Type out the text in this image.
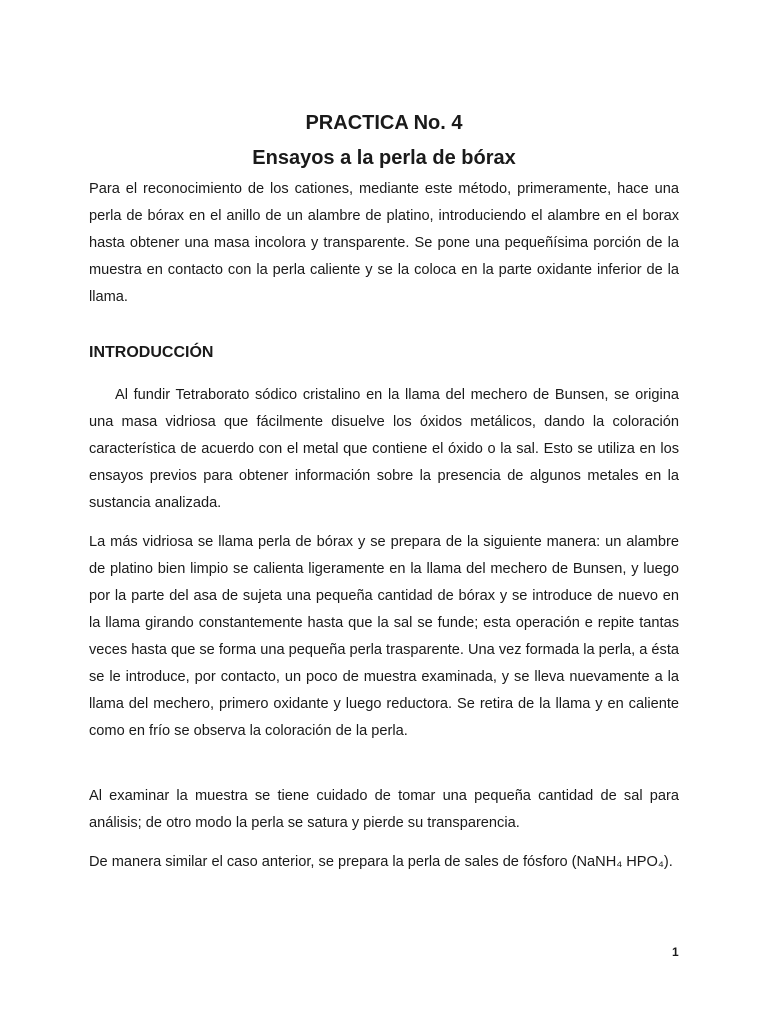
PRACTICA No. 4
Ensayos a la perla de bórax

Para el reconocimiento de los cationes, mediante este método, primeramente, hace una perla de bórax en el anillo de un alambre de platino, introduciendo el alambre en el borax hasta obtener una masa incolora y transparente. Se pone una pequeñísima porción de la muestra en contacto con la perla caliente y se la coloca en la parte oxidante inferior de la llama.

INTRODUCCIÓN

Al fundir Tetraborato sódico cristalino en la llama del mechero de Bunsen, se origina una masa vidriosa que fácilmente disuelve los óxidos metálicos, dando la coloración característica de acuerdo con el metal que contiene el óxido o la sal. Esto se utiliza en los ensayos previos para obtener información sobre la presencia de algunos metales en la sustancia analizada.

La más vidriosa se llama perla de bórax y se prepara de la siguiente manera: un alambre de platino bien limpio se calienta ligeramente en la llama del mechero de Bunsen, y luego por la parte del asa de sujeta una pequeña cantidad de bórax y se introduce de nuevo en la llama girando constantemente hasta que la sal se funde; esta operación e repite tantas veces hasta que se forma una pequeña perla trasparente. Una vez formada la perla, a ésta se le introduce, por contacto, un poco de muestra examinada, y se lleva nuevamente a la llama del mechero, primero oxidante y luego reductora. Se retira de la llama y en caliente como en frío se observa la coloración de la perla.

Al examinar la muestra se tiene cuidado de tomar una pequeña cantidad de sal para análisis; de otro modo la perla se satura y pierde su transparencia.

De manera similar el caso anterior, se prepara la perla de sales de fósforo (NaNH₄ HPO₄).

1
